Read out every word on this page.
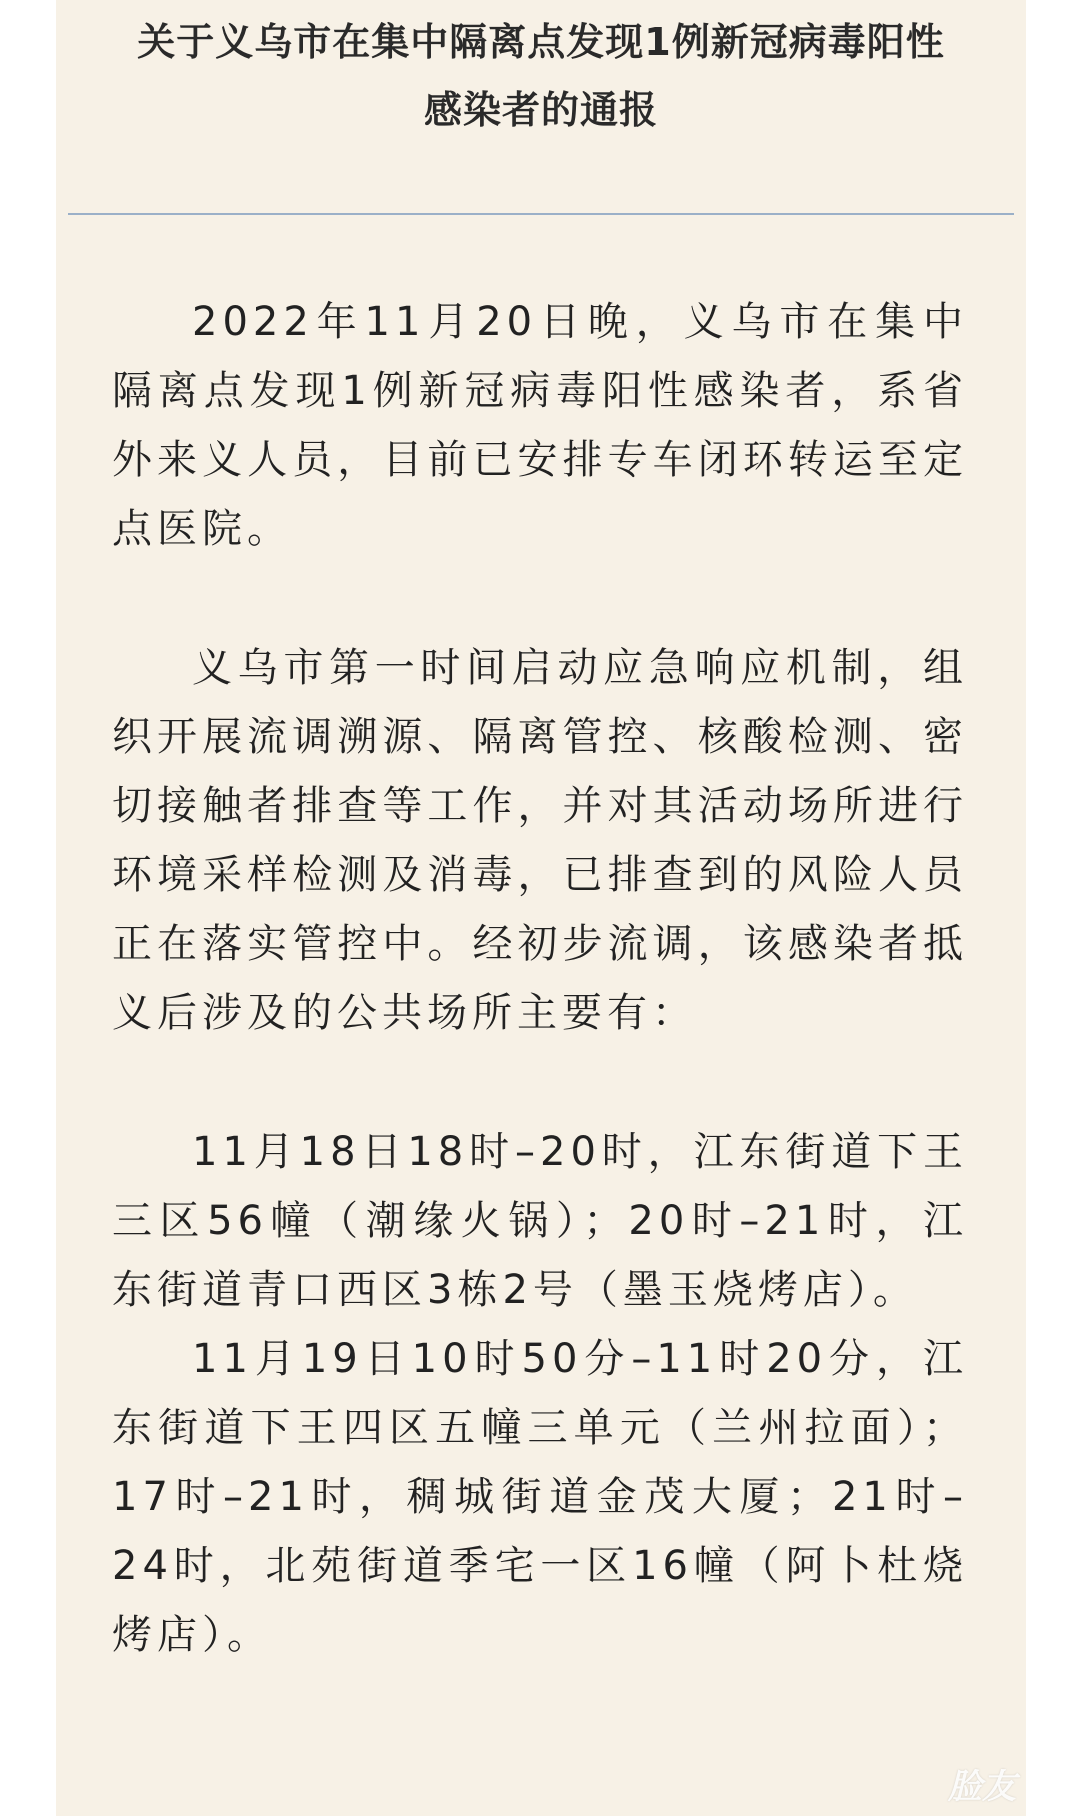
关于义乌市在集中隔离点发现1例新冠病毒阳性
感染者的通报

2022年11月20日晚，义乌市在集中隔离点发现1例新冠病毒阳性感染者，系省外来义人员，目前已安排专车闭环转运至定点医院。

义乌市第一时间启动应急响应机制，组织开展流调溯源、隔离管控、核酸检测、密切接触者排查等工作，并对其活动场所进行环境采样检测及消毒，已排查到的风险人员正在落实管控中。经初步流调，该感染者抵义后涉及的公共场所主要有：

11月18日18时–20时，江东街道下王三区56幢（潮缘火锅）；20时–21时，江东街道青口西区3栋2号（墨玉烧烤店）。

11月19日10时50分–11时20分，江东街道下王四区五幢三单元（兰州拉面）；17时–21时，稠城街道金茂大厦；21时–24时，北苑街道季宅一区16幢（阿卜杜烧烤店）。

脸友
